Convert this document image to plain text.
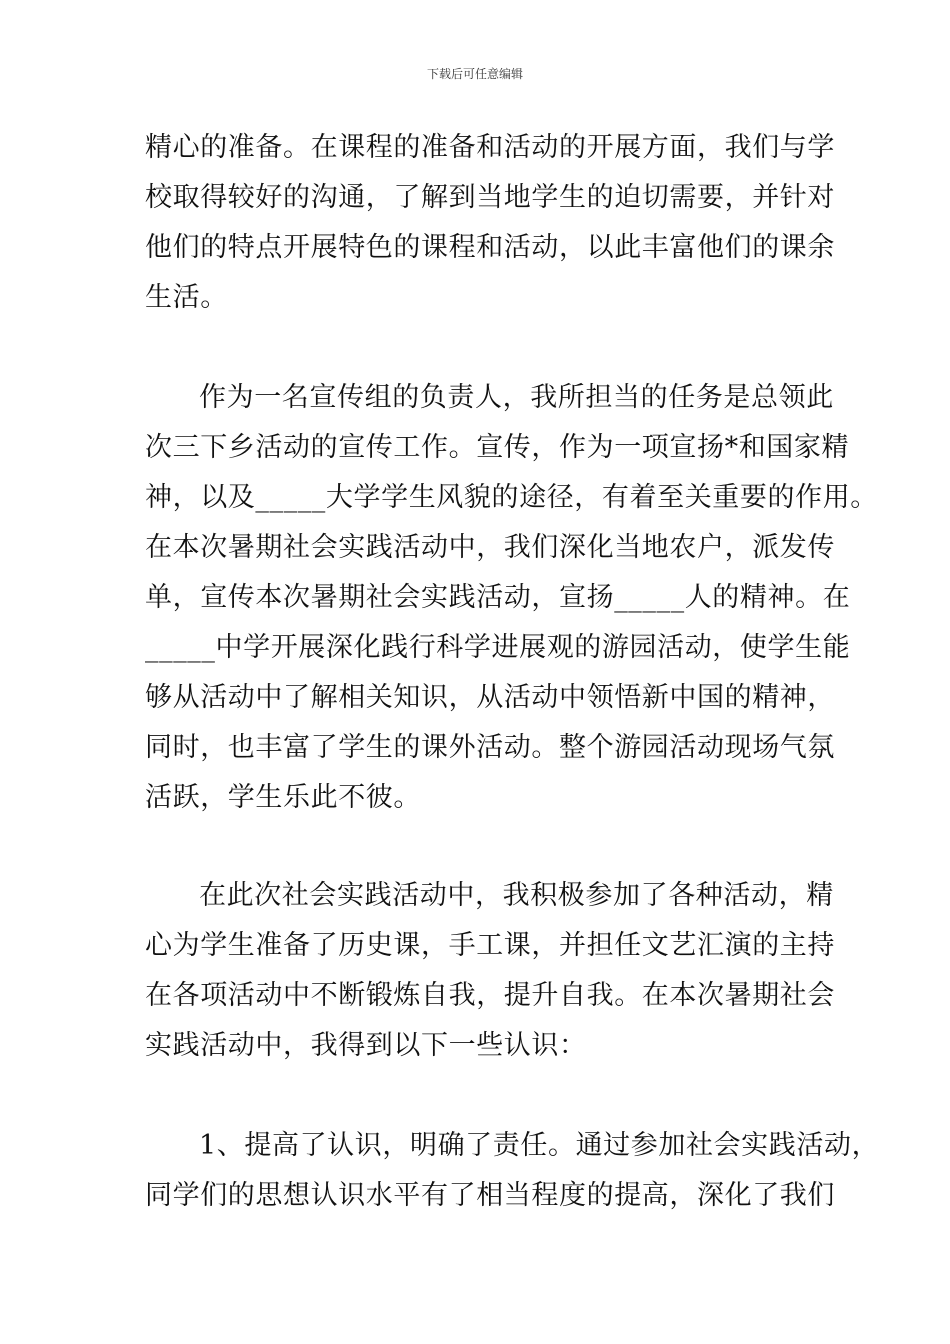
下载后可任意编辑
精心的准备。在课程的准备和活动的开展方面，我们与学
校取得较好的沟通，了解到当地学生的迫切需要，并针对
他们的特点开展特色的课程和活动，以此丰富他们的课余
生活。
作为一名宣传组的负责人，我所担当的任务是总领此
次三下乡活动的宣传工作。宣传，作为一项宣扬*和国家精
神，以及_____大学学生风貌的途径，有着至关重要的作用。
在本次暑期社会实践活动中，我们深化当地农户，派发传
单，宣传本次暑期社会实践活动，宣扬_____人的精神。在
_____中学开展深化践行科学进展观的游园活动，使学生能
够从活动中了解相关知识，从活动中领悟新中国的精神，
同时，也丰富了学生的课外活动。整个游园活动现场气氛
活跃，学生乐此不彼。
在此次社会实践活动中，我积极参加了各种活动，精
心为学生准备了历史课，手工课，并担任文艺汇演的主持
在各项活动中不断锻炼自我，提升自我。在本次暑期社会
实践活动中，我得到以下一些认识：
1、提高了认识，明确了责任。通过参加社会实践活动，
同学们的思想认识水平有了相当程度的提高，深化了我们
